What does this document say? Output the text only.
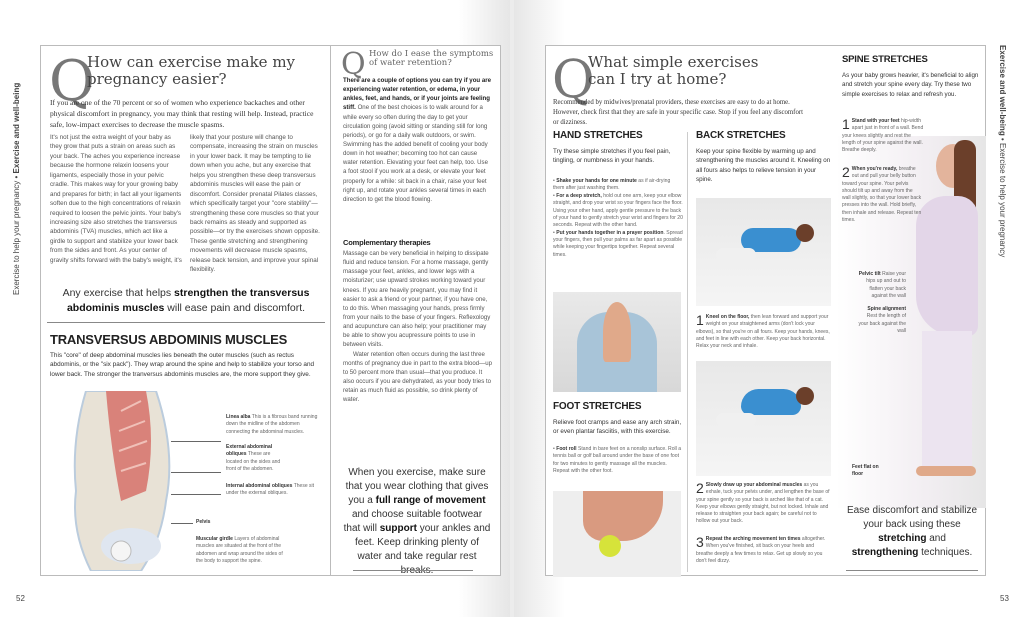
Exercise to help your pregnancy • Exercise and well-being
52
Q
How can exercise make my pregnancy easier?
If you are one of the 70 percent or so of women who experience backaches and other physical discomfort in pregnancy, you may think that resting will help. Instead, practice safe, low-impact exercises to decrease the muscle spasms.
It's not just the extra weight of your baby as they grow that puts a strain on areas such as your back. The aches you experience increase because the hormone relaxin loosens your ligaments, especially those in your pelvic cradle. This makes way for your growing baby and prepares for birth; in fact all your ligaments soften due to the high concentrations of relaxin required to loosen the pelvic joints. Your baby's increasing size also stretches the transversus abdominis (TVA) muscles, which act like a girdle to support and stabilize your lower back from the sides and front. As your center of gravity shifts forward with the baby's weight, it's
likely that your posture will change to compensate, increasing the strain on muscles in your lower back. It may be tempting to lie down when you ache, but any exercise that helps you strengthen these deep transversus abdominis muscles will ease the pain or discomfort. Consider prenatal Pilates classes, which specifically target your "core stability"—strengthening these core muscles so that your back remains as steady and supported as possible—or try the exercises shown opposite. These gentle stretching and strengthening movements will decrease muscle spasms, release back tension, and improve your spinal flexibility.
Any exercise that helps strengthen the transversus abdominis muscles will ease pain and discomfort.
TRANSVERSUS ABDOMINIS MUSCLES
This "core" of deep abdominal muscles lies beneath the outer muscles (such as rectus abdominis, or the "six pack"). They wrap around the spine and help to stabilize your torso and lower back. The stronger the tranversus abdominis muscles are, the more support they give.
Linea alba This is a fibrous band running down the midline of the abdomen connecting the abdominal muscles.
External abdominal obliques These are located on the sides and front of the abdomen.
Internal abdominal obliques These sit under the external obliques.
Pelvis
Muscular girdle Layers of abdominal muscles are situated at the front of the abdomen and wrap around the sides of the body to support the spine.
Q How do I ease the symptoms of water retention?
There are a couple of options you can try if you are experiencing water retention, or edema, in your ankles, feet, and hands, or if your joints are feeling stiff. One of the best choices is to walk around for a while every so often during the day to get your circulation going (avoid sitting or standing still for long periods), or go for a daily walk outdoors, or swim. Swimming has the added benefit of cooling your body down in hot weather; becoming too hot can cause water retention. Elevating your feet can help, too. Use a foot stool if you work at a desk, or elevate your feet properly for a while: sit back in a chair, raise your feet right up, and rotate your ankles several times in each direction to get the blood flowing.
Complementary therapies
Massage can be very beneficial in helping to dissipate fluid and reduce tension. For a home massage, gently massage your feet, ankles, and lower legs with a moisturizer; use upward strokes working toward your knees. If you are heavily pregnant, you may find it easier to ask a friend or your partner, if you have one, to do this. When massaging your hands, press firmly from your nails to the base of your fingers. Reflexology and acupuncture can also help; your practitioner may be able to show you acupressure points to use in between visits.
Water retention often occurs during the last three months of pregnancy due in part to the extra blood—up to 50 percent more than usual—that you produce. It also occurs if you are dehydrated, as your body tries to retain as much fluid as possible, so drink plenty of water.
When you exercise, make sure that you wear clothing that gives you a full range of movement and choose suitable footwear that will support your ankles and feet. Keep drinking plenty of water and take regular rest
Exercise and well-being • Exercise to help your pregnancy
53
Q
What simple exercises can I try at home?
Recommended by midwives/prenatal providers, these exercises are easy to do at home. However, check first that they are safe in your specific case. Stop if you feel any discomfort or dizziness.
HAND STRETCHES
Try these simple stretches if you feel pain, tingling, or numbness in your hands.
• Shake your hands for one minute as if air-drying them after just washing them.
• For a deep stretch, hold out one arm, keep your elbow straight, and drop your wrist so your fingers face the floor. Using your other hand, apply gentle pressure to the back of your hand to gently stretch your wrist and fingers for 20 seconds. Repeat with the other hand.
• Put your hands together in a prayer position. Spread your fingers, then pull your palms as far apart as possible while keeping your fingertips together. Repeat several times.
FOOT STRETCHES
Relieve foot cramps and ease any arch strain, or even plantar fasciitis, with this exercise.
• Foot roll Stand in bare feet on a nonslip surface. Roll a tennis ball or golf ball around under the base of one foot for two minutes to gently massage all the muscles. Repeat with the other foot.
BACK STRETCHES
Keep your spine flexible by warming up and strengthening the muscles around it. Kneeling on all fours also helps to relieve tension in your spine.
1 Kneel on the floor, then lean forward and support your weight on your straightened arms (don't lock your elbows), so that you're on all fours. Keep your hands, knees, and feet in line with each other. Keep your back horizontal. Relax your neck and inhale.
2 Slowly draw up your abdominal muscles as you exhale, tuck your pelvis under, and lengthen the base of your spine gently so your back is arched like that of a cat. Keep your elbows gently straight, but not locked. Inhale and release to straighten your back again; be careful not to hollow out your back.
3 Repeat the arching movement ten times altogether. When you've finished, sit back on your heels and breathe deeply a few times to relax. Get up slowly so you don't feel dizzy.
SPINE STRETCHES
As your baby grows heavier, it's beneficial to align and stretch your spine every day. Try these two simple exercises to relax and refresh you.
1 Stand with your feet hip-width apart just in front of a wall. Bend your knees slightly and rest the length of your spine against the wall. Breathe deeply.
2 When you're ready, breathe out and pull your belly button toward your spine. Your pelvis should tilt up and away from the wall slightly, so that your lower back presses into the wall. Hold briefly, then inhale and release. Repeat ten times.
Pelvic tilt Raise your hips up and out to flatten your back against the wall
Spine alignment Rest the length of your back against the wall
Feet flat on floor
Ease discomfort and stabilize your back using these stretching and strengthening techniques.
